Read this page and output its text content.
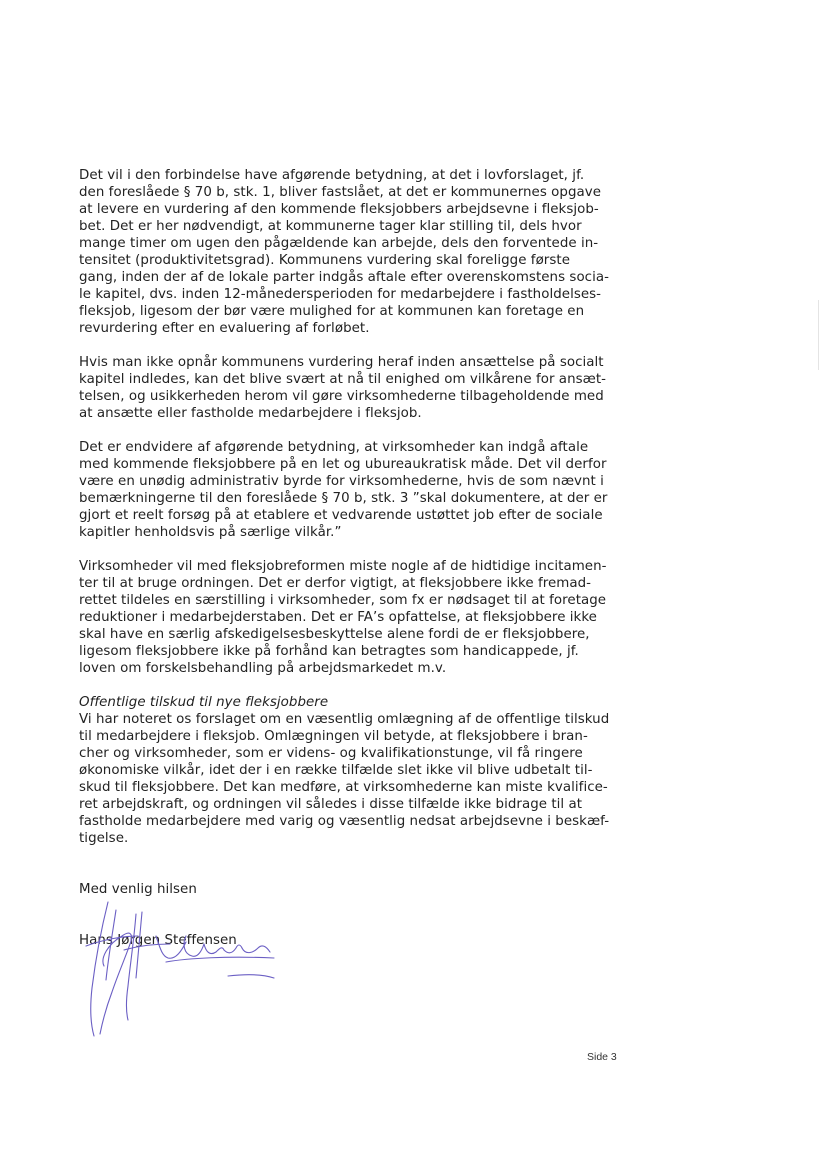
Det vil i den forbindelse have afgørende betydning, at det i lovforslaget, jf.
den foreslåede § 70 b, stk. 1, bliver fastslået, at det er kommunernes opgave
at levere en vurdering af den kommende fleksjobbers arbejdsevne i fleksjob-
bet. Det er her nødvendigt, at kommunerne tager klar stilling til, dels hvor
mange timer om ugen den pågældende kan arbejde, dels den forventede in-
tensitet (produktivitetsgrad). Kommunens vurdering skal foreligge første
gang, inden der af de lokale parter indgås aftale efter overenskomstens socia-
le kapitel, dvs. inden 12-månedersperioden for medarbejdere i fastholdelses-
fleksjob, ligesom der bør være mulighed for at kommunen kan foretage en
revurdering efter en evaluering af forløbet.
Hvis man ikke opnår kommunens vurdering heraf inden ansættelse på socialt
kapitel indledes, kan det blive svært at nå til enighed om vilkårene for ansæt-
telsen, og usikkerheden herom vil gøre virksomhederne tilbageholdende med
at ansætte eller fastholde medarbejdere i fleksjob.
Det er endvidere af afgørende betydning, at virksomheder kan indgå aftale
med kommende fleksjobbere på en let og ubureaukratisk måde. Det vil derfor
være en unødig administrativ byrde for virksomhederne, hvis de som nævnt i
bemærkningerne til den foreslåede § 70 b, stk. 3 ”skal dokumentere, at der er
gjort et reelt forsøg på at etablere et vedvarende ustøttet job efter de sociale
kapitler henholdsvis på særlige vilkår.”
Virksomheder vil med fleksjobreformen miste nogle af de hidtidige incitamen-
ter til at bruge ordningen. Det er derfor vigtigt, at fleksjobbere ikke fremad-
rettet tildeles en særstilling i virksomheder, som fx er nødsaget til at foretage
reduktioner i medarbejderstaben. Det er FA’s opfattelse, at fleksjobbere ikke
skal have en særlig afskedigelsesbeskyttelse alene fordi de er fleksjobbere,
ligesom fleksjobbere ikke på forhånd kan betragtes som handicappede, jf.
loven om forskelsbehandling på arbejdsmarkedet m.v.
Offentlige tilskud til nye fleksjobbere
Vi har noteret os forslaget om en væsentlig omlægning af de offentlige tilskud
til medarbejdere i fleksjob. Omlægningen vil betyde, at fleksjobbere i bran-
cher og virksomheder, som er videns- og kvalifikationstunge, vil få ringere
økonomiske vilkår, idet der i en række tilfælde slet ikke vil blive udbetalt til-
skud til fleksjobbere. Det kan medføre, at virksomhederne kan miste kvalifice-
ret arbejdskraft, og ordningen vil således i disse tilfælde ikke bidrage til at
fastholde medarbejdere med varig og væsentlig nedsat arbejdsevne i beskæf-
tigelse.
Med venlig hilsen
Hans Jørgen Steffensen
Side 3
